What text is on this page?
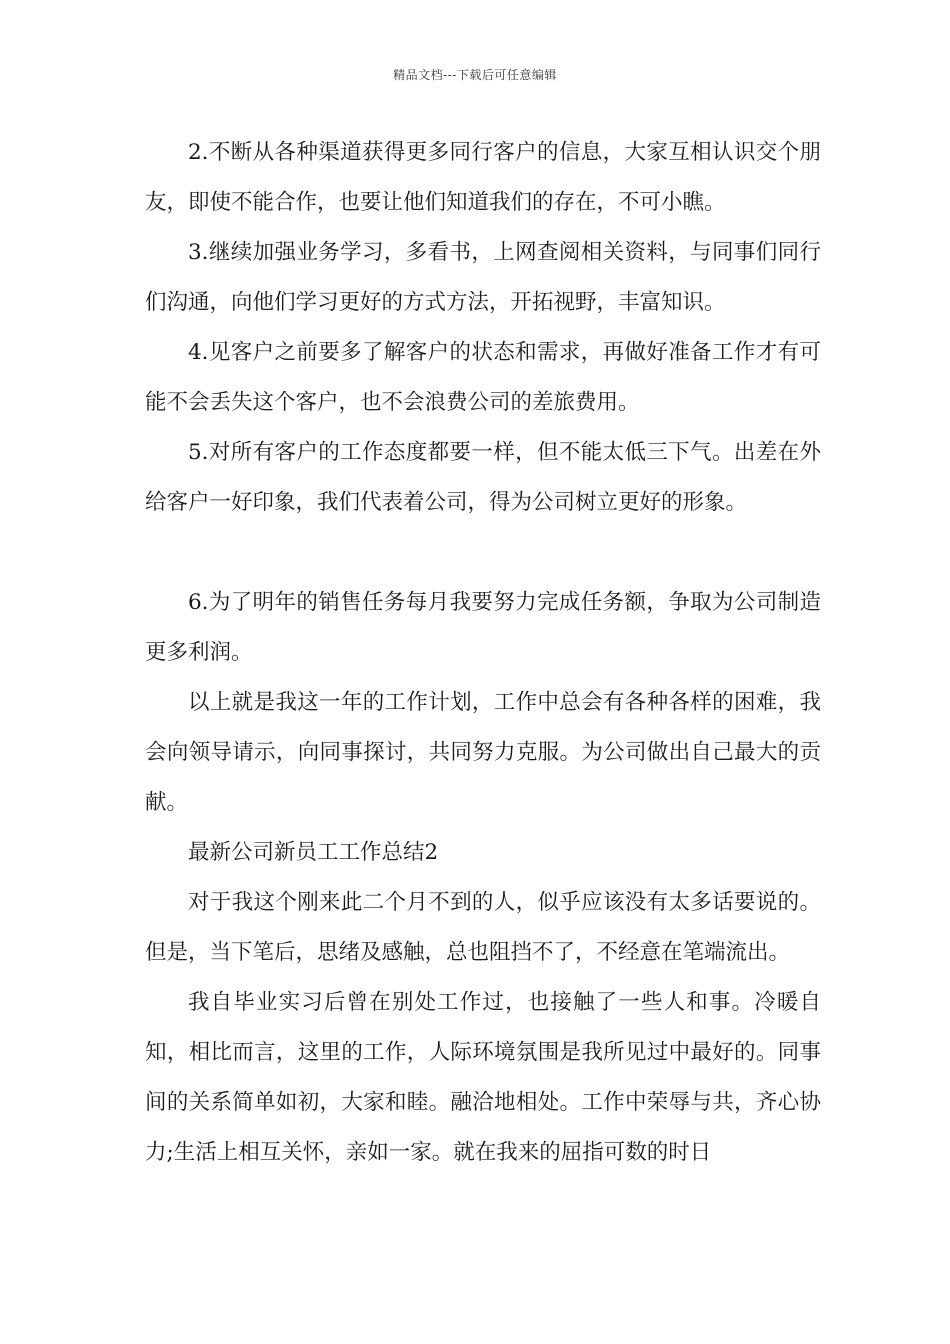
精品文档---下载后可任意编辑

2.不断从各种渠道获得更多同行客户的信息，大家互相认识交个朋友，即使不能合作，也要让他们知道我们的存在，不可小瞧。

3.继续加强业务学习，多看书，上网查阅相关资料，与同事们同行们沟通，向他们学习更好的方式方法，开拓视野，丰富知识。

4.见客户之前要多了解客户的状态和需求，再做好准备工作才有可能不会丢失这个客户，也不会浪费公司的差旅费用。

5.对所有客户的工作态度都要一样，但不能太低三下气。出差在外给客户一好印象，我们代表着公司，得为公司树立更好的形象。

6.为了明年的销售任务每月我要努力完成任务额，争取为公司制造更多利润。

以上就是我这一年的工作计划，工作中总会有各种各样的困难，我会向领导请示，向同事探讨，共同努力克服。为公司做出自己最大的贡献。

最新公司新员工工作总结2

对于我这个刚来此二个月不到的人，似乎应该没有太多话要说的。但是，当下笔后，思绪及感触，总也阻挡不了，不经意在笔端流出。

我自毕业实习后曾在别处工作过，也接触了一些人和事。冷暖自知，相比而言，这里的工作，人际环境氛围是我所见过中最好的。同事间的关系简单如初，大家和睦。融洽地相处。工作中荣辱与共，齐心协力;生活上相互关怀，亲如一家。就在我来的屈指可数的时日
